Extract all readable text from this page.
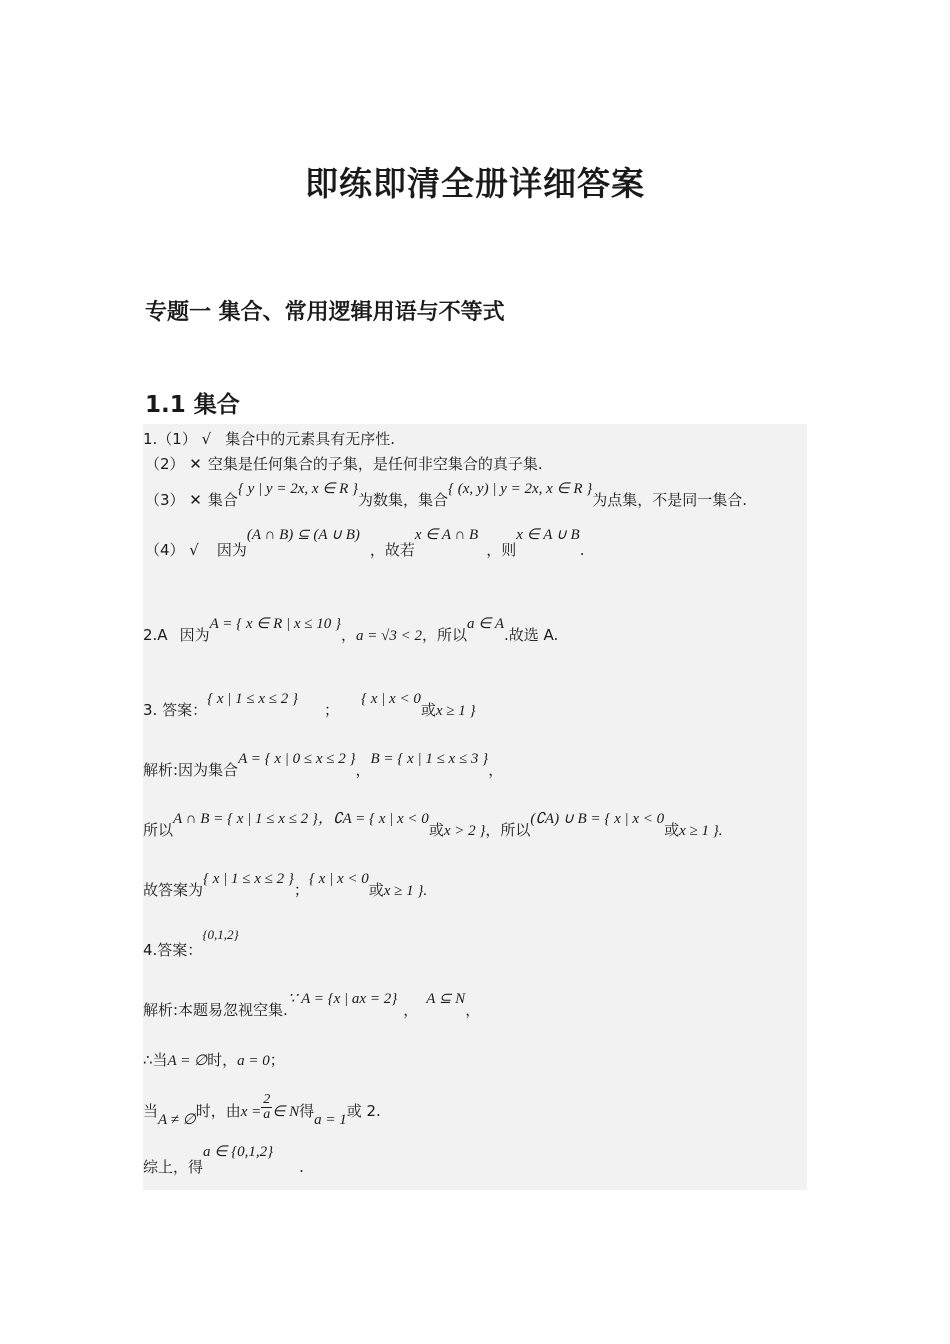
即练即清全册详细答案
专题一 集合、常用逻辑用语与不等式
1.1 集合
1.（1） √ 集合中的元素具有无序性.
（2） ✕ 空集是任何集合的子集，是任何非空集合的真子集.
（3） ✕ 集合{ y | y = 2x, x ∈ R }为数集，集合{ (x, y) | y = 2x, x ∈ R }为点集，不是同一集合.
（4） √ 因为(A ∩ B) ⊆ (A ∪ B)，故若x ∈ A ∩ B，则x ∈ A ∪ B.
2.A 因为A = { x ∈ R | x ≤ 10 }，a = √3 < 2，所以a ∈ A.故选 A.
3. 答案：{ x | 1 ≤ x ≤ 2 }；{ x | x < 0或x ≥ 1 }
解析:因为集合A = { x | 0 ≤ x ≤ 2 }，B = { x | 1 ≤ x ≤ 3 }，
所以A ∩ B = { x | 1 ≤ x ≤ 2 }，∁A = { x | x < 0或x > 2 }，所以(∁A) ∪ B = { x | x < 0或x ≥ 1 }.
故答案为{ x | 1 ≤ x ≤ 2 }；{ x | x < 0或x ≥ 1 }.
4.答案：{0,1,2}
解析:本题易忽视空集.∵ A = {x | ax = 2}，A ⊆ N，
∴当A = ∅时，a = 0；
当A ≠ ∅时，由$x = \frac{2}{a}$ ∈ N得a = 1或 2.
综上，得a ∈ {0,1,2}.
